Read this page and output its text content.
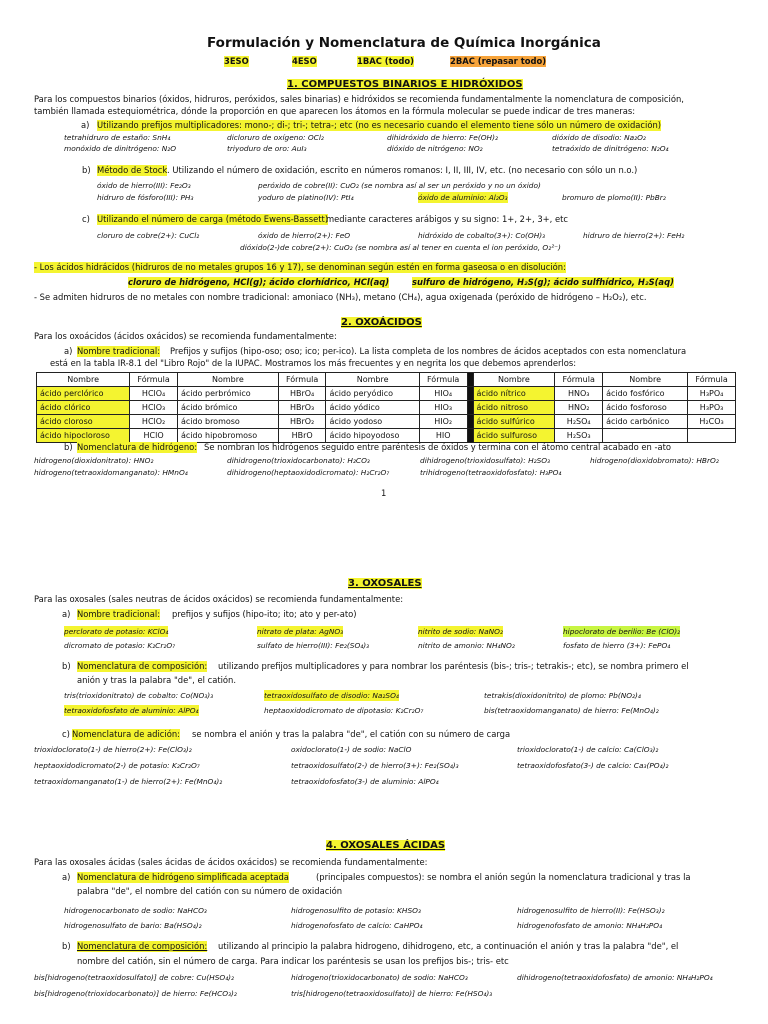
Formulación y Nomenclatura de Química Inorgánica
3ESO	4ESO	1BAC (todo)	2BAC (repasar todo)
1. COMPUESTOS BINARIOS E HIDRÓXIDOS
Para los compuestos binarios (óxidos, hidruros, peróxidos, sales binarias) e hidróxidos se recomienda fundamentalmente la nomenclatura de composición,
también llamada estequiométrica, dónde la proporción en que aparecen los átomos en la fórmula molecular se puede indicar de tres maneras:
a) Utilizando prefijos multiplicadores: mono-; di-; tri-; tetra-; etc (no es necesario cuando el elemento tiene sólo un número de oxidación)
tetrahidruro de estaño: SnH₄	dicloruro de oxígeno: OCl₂	dihidróxido de hierro: Fe(OH)₂	dióxido de disodio: Na₂O₂
monóxido de dinitrógeno: N₂O	triyoduro de oro: AuI₃	dióxido de nitrógeno: NO₂	tetraóxido de dinitrógeno: N₂O₄
b) Método de Stock . Utilizando el número de oxidación, escrito en números romanos: I, II, III, IV, etc. (no necesario con sólo un n.o.)
óxido de hierro(III): Fe₂O₃	peróxido de cobre(II): CuO₂ (se nombra así al ser un peróxido y no un óxido)
hidruro de fósforo(III): PH₃	yoduro de platino(IV): PtI₄	óxido de aluminio: Al₂O₃	bromuro de plomo(II): PbBr₂
c) Utilizando el número de carga (método Ewens-Bassett)
mediante caracteres arábigos y su signo: 1+, 2+, 3+, etc
cloruro de cobre(2+): CuCl₂	óxido de hierro(2+): FeO	hidróxido de cobalto(3+): Co(OH)₃	hidruro de hierro(2+): FeH₂
dióxido(2-)de cobre(2+): CuO₂ (se nombra así al tener en cuenta el ion peróxido, O₂²⁻)
- Los ácidos hidrácidos (hidruros de no metales grupos 16 y 17), se denominan según estén en forma gaseosa o en disolución:
cloruro de hidrógeno, HCl(g); ácido clorhídrico, HCl(aq)	sulfuro de hidrógeno, H₂S(g); ácido sulfhídrico, H₂S(aq)
- Se admiten hidruros de no metales con nombre tradicional: amoniaco (NH₃), metano (CH₄), agua oxigenada (peróxido de hidrógeno – H₂O₂), etc.
2. OXOÁCIDOS
Para los oxoácidos (ácidos oxácidos) se recomienda fundamentalmente:
a) Nombre tradicional: Prefijos y sufijos (hipo-oso; oso; ico; per-ico). La lista completa de los nombres de ácidos aceptados con esta nomenclatura
está en la tabla IR-8.1 del "Libro Rojo" de la IUPAC. Mostramos los más frecuentes y en negrita los que debemos aprenderlos:
Nombre	Fórmula	Nombre	Fórmula	Nombre	Fórmula		Nombre	Fórmula	Nombre	Fórmula
ácido perclórico	HClO₄	ácido perbrómico	HBrO₄	ácido peryódico	HIO₄		ácido nítrico	HNO₃	ácido fosfórico	H₃PO₄
ácido clórico	HClO₃	ácido brómico	HBrO₃	ácido yódico	HIO₃		ácido nitroso	HNO₂	ácido fosforoso	H₃PO₃
ácido cloroso	HClO₂	ácido bromoso	HBrO₂	ácido yodoso	HIO₂		ácido sulfúrico	H₂SO₄	ácido carbónico	H₂CO₃
ácido hipocloroso	HClO	ácido hipobromoso	HBrO	ácido hipoyodoso	HIO		ácido sulfuroso	H₂SO₃		
b) Nomenclatura de hidrógeno: Se nombran los hidrógenos seguido entre paréntesis de óxidos y termina con el átomo central acabado en -ato
hidrogeno(dioxidonitrato): HNO₂	dihidrogeno(trioxidocarbonato): H₂CO₃	dihidrogeno(trioxidosulfato): H₂SO₃	hidrogeno(dioxidobromato): HBrO₂
hidrogeno(tetraoxidomanganato): HMnO₄	dihidrogeno(heptaoxidodicromato): H₂Cr₂O₇	trihidrogeno(tetraoxidofosfato): H₃PO₄
1
3. OXOSALES
Para las oxosales (sales neutras de ácidos oxácidos) se recomienda fundamentalmente:
a) Nombre tradicional: prefijos y sufijos (hipo-ito; ito; ato y per-ato)
perclorato de potasio: KClO₄	nitrato de plata: AgNO₃	nitrito de sodio: NaNO₂	hipoclorato de berilio: Be (ClO)₂
dicromato de potasio: K₂Cr₂O₇	sulfato de hierro(III): Fe₂(SO₄)₃	nitrito de amonio: NH₄NO₂	fosfato de hierro (3+): FePO₄
b) Nomenclatura de composición: utilizando prefijos multiplicadores y para nombrar los paréntesis (bis-; tris-; tetrakis-; etc), se nombra primero el
anión y tras la palabra "de", el catión.
tris(trioxidonitrato) de cobalto: Co(NO₃)₃	tetraoxidosulfato de disodio: Na₂SO₄	tetrakis(dioxidonitrito) de plomo: Pb(NO₂)₄
tetraoxidofosfato de aluminio: AlPO₄	heptaoxidodicromato de dipotasio: K₂Cr₂O₇	bis(tetraoxidomanganato) de hierro: Fe(MnO₄)₂
c) Nomenclatura de adición: se nombra el anión y tras la palabra "de", el catión con su número de carga
trioxidoclorato(1-) de hierro(2+): Fe(ClO₃)₂	oxidoclorato(1-) de sodio: NaClO	trioxidoclorato(1-) de calcio: Ca(ClO₃)₂
heptaoxidodicromato(2-) de potasio: K₂Cr₂O₇	tetraoxidosulfato(2-) de hierro(3+): Fe₂(SO₄)₃	tetraoxidofosfato(3-) de calcio: Ca₃(PO₄)₂
tetraoxidomanganato(1-) de hierro(2+): Fe(MnO₄)₂	tetraoxidofosfato(3-) de aluminio: AlPO₄
4. OXOSALES ÁCIDAS
Para las oxosales ácidas (sales ácidas de ácidos oxácidos) se recomienda fundamentalmente:
a) Nomenclatura de hidrógeno simplificada aceptada	(principales compuestos): se nombra el anión según la nomenclatura tradicional y tras la
palabra "de", el nombre del catión con su número de oxidación
hidrogenocarbonato de sodio: NaHCO₃	hidrogenosulfito de potasio: KHSO₃	hidrogenosulfito de hierro(II): Fe(HSO₃)₂
hidrogenosulfato de bario: Ba(HSO₄)₂	hidrogenofosfato de calcio: CaHPO₄	hidrogenofosfato de amonio: NH₄H₂PO₄
b) Nomenclatura de composición: utilizando al principio la palabra hidrogeno, dihidrogeno, etc, a continuación el anión y tras la palabra "de", el
nombre del catión, sin el número de carga. Para indicar los paréntesis se usan los prefijos bis-; tris- etc
bis[hidrogeno(tetraoxidosulfato)] de cobre: Cu(HSO₄)₂	hidrogeno(trioxidocarbonato) de sodio: NaHCO₃	dihidrogeno(tetraoxidofosfato) de amonio: NH₄H₂PO₄
bis[hidrogeno(trioxidocarbonato)] de hierro: Fe(HCO₃)₂	tris[hidrogeno(tetraoxidosulfato)] de hierro: Fe(HSO₄)₃
